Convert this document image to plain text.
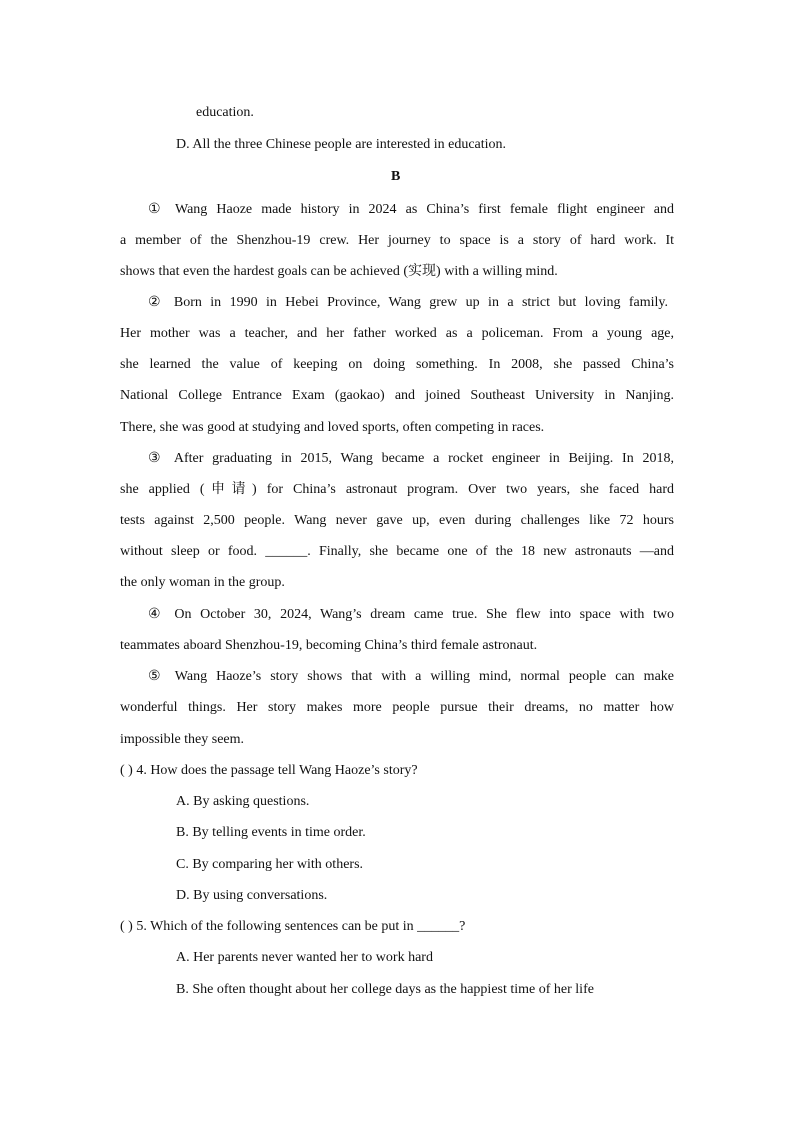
education.
D. All the three Chinese people are interested in education.
B
① Wang Haoze made history in 2024 as China’s first female flight engineer and
a member of the Shenzhou-19 crew. Her journey to space is a story of hard work. It
shows that even the hardest goals can be achieved (实现) with a willing mind.
② Born in 1990 in Hebei Province, Wang grew up in a strict but loving family.
Her mother was a teacher, and her father worked as a policeman. From a young age,
she learned the value of keeping on doing something. In 2008, she passed China’s
National College Entrance Exam (gaokao) and joined Southeast University in Nanjing.
There, she was good at studying and loved sports, often competing in races.
③ After graduating in 2015, Wang became a rocket engineer in Beijing. In 2018,
she applied (申请) for China’s astronaut program. Over two years, she faced hard
tests against 2,500 people. Wang never gave up, even during challenges like 72 hours
without sleep or food. ______. Finally, she became one of the 18 new astronauts —and
the only woman in the group.
④ On October 30, 2024, Wang’s dream came true. She flew into space with two
teammates aboard Shenzhou-19, becoming China’s third female astronaut.
⑤ Wang Haoze’s story shows that with a willing mind, normal people can make
wonderful things. Her story makes more people pursue their dreams, no matter how
impossible they seem.
( ) 4. How does the passage tell Wang Haoze’s story?
A. By asking questions.
B. By telling events in time order.
C. By comparing her with others.
D. By using conversations.
( ) 5. Which of the following sentences can be put in ______?
A. Her parents never wanted her to work hard
B. She often thought about her college days as the happiest time of her life
